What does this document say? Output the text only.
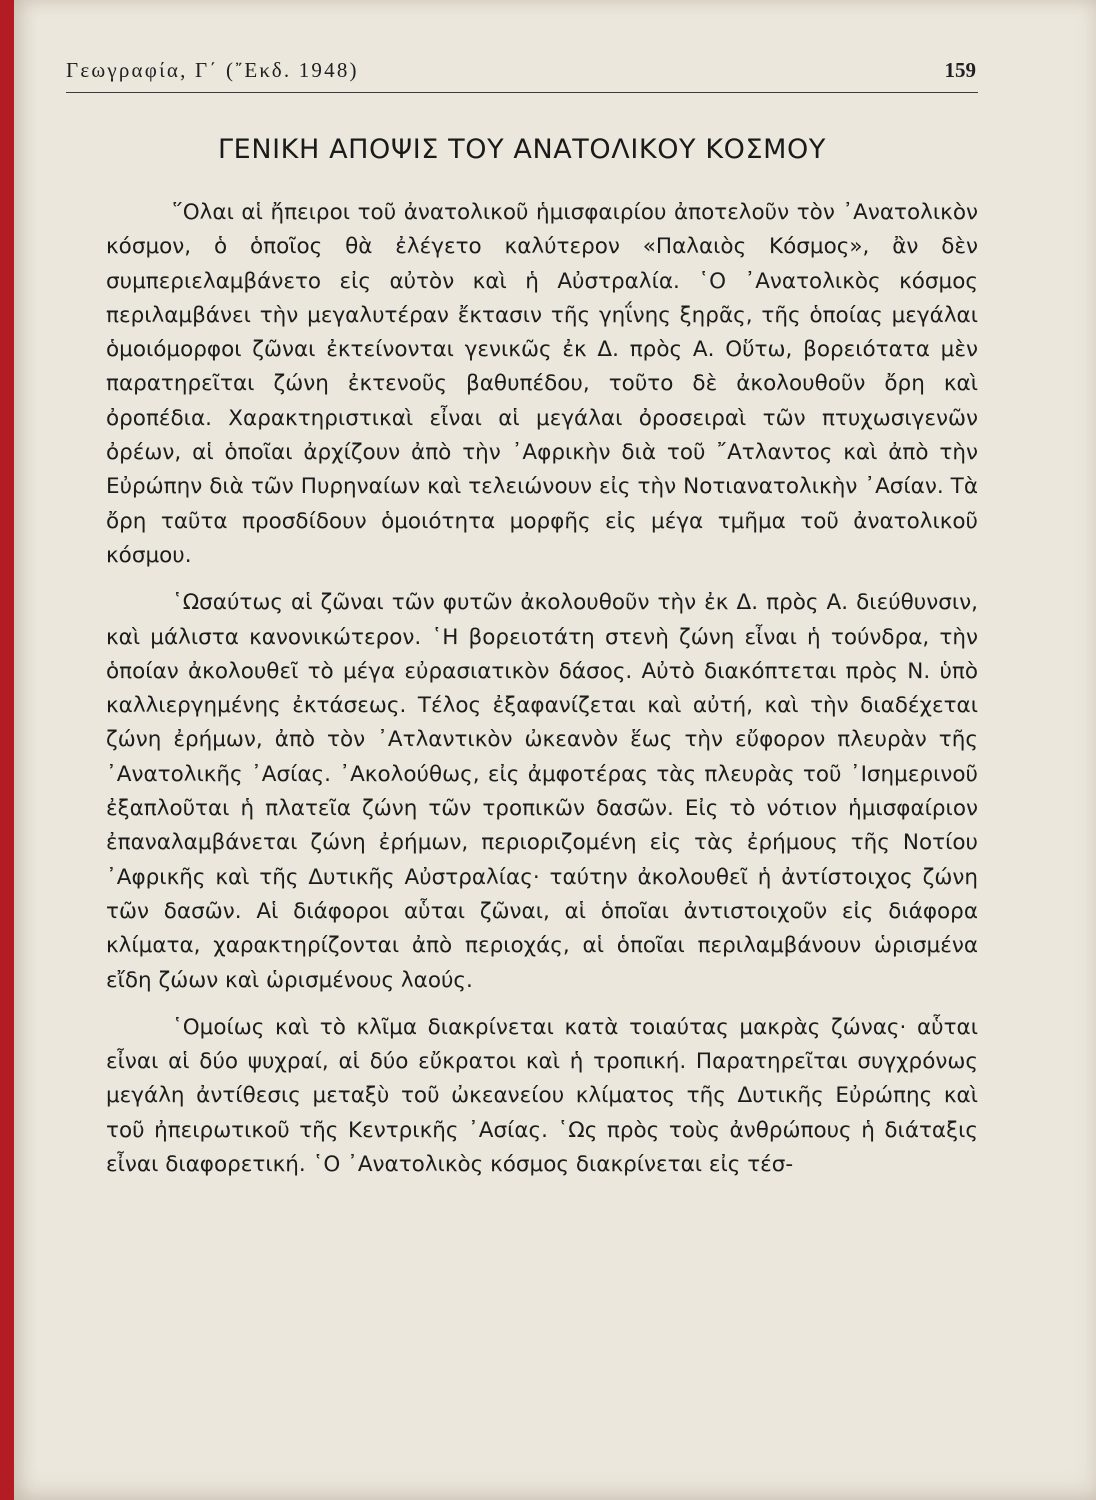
Γεωγραφία, Γ΄ (῎Εκδ. 1948)	159
ΓΕΝΙΚΗ ΑΠΟΨΙΣ ΤΟΥ ΑΝΑΤΟΛΙΚΟΥ ΚΟΣΜΟΥ

῞Ολαι αἱ ἤπειροι τοῦ ἀνατολικοῦ ἡμισφαιρίου ἀποτελοῦν τὸν ᾿Ανατολικὸν κόσμον, ὁ ὁποῖος θὰ ἐλέγετο καλύτερον «Παλαιὸς Κόσμος», ἂν δὲν συμπεριελαμβάνετο εἰς αὐτὸν καὶ ἡ Αὐστραλία. ῾Ο ᾿Ανατολικὸς κόσμος περιλαμβάνει τὴν μεγαλυτέραν ἔκτασιν τῆς γηΐνης ξηρᾶς, τῆς ὁποίας μεγάλαι ὁμοιόμορφοι ζῶναι ἐκτείνονται γενικῶς ἐκ Δ. πρὸς Α. Οὕτω, βορειότατα μὲν παρατηρεῖται ζώνη ἐκτενοῦς βαθυπέδου, τοῦτο δὲ ἀκολουθοῦν ὄρη καὶ ὀροπέδια. Χαρακτηριστικαὶ εἶναι αἱ μεγάλαι ὀροσειραὶ τῶν πτυχωσιγενῶν ὀρέων, αἱ ὁποῖαι ἀρχίζουν ἀπὸ τὴν ᾿Αφρικὴν διὰ τοῦ ῎Ατλαντος καὶ ἀπὸ τὴν Εὐρώπην διὰ τῶν Πυρηναίων καὶ τελειώνουν εἰς τὴν Νοτιανατολικὴν ᾿Ασίαν. Τὰ ὄρη ταῦτα προσδίδουν ὁμοιότητα μορφῆς εἰς μέγα τμῆμα τοῦ ἀνατολικοῦ κόσμου.

῾Ωσαύτως αἱ ζῶναι τῶν φυτῶν ἀκολουθοῦν τὴν ἐκ Δ. πρὸς Α. διεύθυνσιν, καὶ μάλιστα κανονικώτερον. ῾Η βορειοτάτη στενὴ ζώνη εἶναι ἡ τούνδρα, τὴν ὁποίαν ἀκολουθεῖ τὸ μέγα εὐρασιατικὸν δάσος. Αὐτὸ διακόπτεται πρὸς Ν. ὑπὸ καλλιεργημένης ἐκτάσεως. Τέλος ἐξαφανίζεται καὶ αὐτή, καὶ τὴν διαδέχεται ζώνη ἐρήμων, ἀπὸ τὸν ᾿Ατλαντικὸν ὠκεανὸν ἕως τὴν εὔφορον πλευρὰν τῆς ᾿Ανατολικῆς ᾿Ασίας. ᾿Ακολούθως, εἰς ἀμφοτέρας τὰς πλευρὰς τοῦ ᾿Ισημερινοῦ ἐξαπλοῦται ἡ πλατεῖα ζώνη τῶν τροπικῶν δασῶν. Εἰς τὸ νότιον ἡμισφαίριον ἐπαναλαμβάνεται ζώνη ἐρήμων, περιοριζομένη εἰς τὰς ἐρήμους τῆς Νοτίου ᾿Αφρικῆς καὶ τῆς Δυτικῆς Αὐστραλίας· ταύτην ἀκολουθεῖ ἡ ἀντίστοιχος ζώνη τῶν δασῶν. Αἱ διάφοροι αὗται ζῶναι, αἱ ὁποῖαι ἀντιστοιχοῦν εἰς διάφορα κλίματα, χαρακτηρίζονται ἀπὸ περιοχάς, αἱ ὁποῖαι περιλαμβάνουν ὡρισμένα εἴδη ζώων καὶ ὡρισμένους λαούς.

῾Ομοίως καὶ τὸ κλῖμα διακρίνεται κατὰ τοιαύτας μακρὰς ζώνας· αὗται εἶναι αἱ δύο ψυχραί, αἱ δύο εὔκρατοι καὶ ἡ τροπική. Παρατηρεῖται συγχρόνως μεγάλη ἀντίθεσις μεταξὺ τοῦ ὠκεανείου κλίματος τῆς Δυτικῆς Εὐρώπης καὶ τοῦ ἠπειρωτικοῦ τῆς Κεντρικῆς ᾿Ασίας. ῾Ως πρὸς τοὺς ἀνθρώπους ἡ διάταξις εἶναι διαφορετική. ῾Ο ᾿Ανατολικὸς κόσμος διακρίνεται εἰς τέσ-
